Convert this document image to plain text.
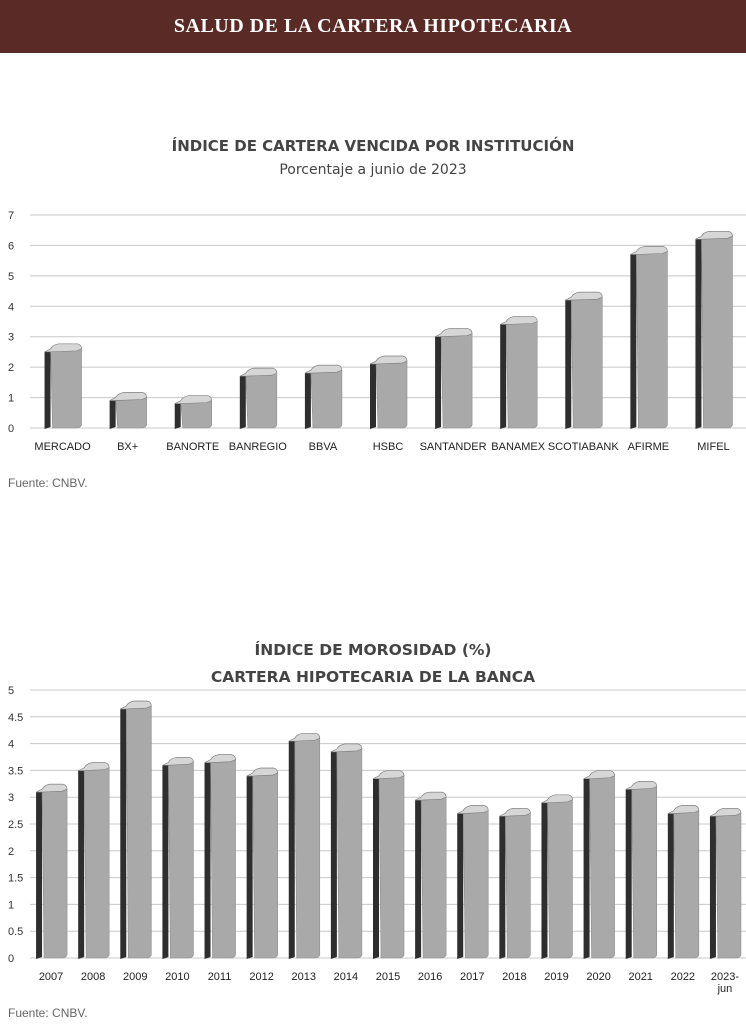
SALUD DE LA CARTERA HIPOTECARIA
ÍNDICE DE CARTERA VENCIDA POR INSTITUCIÓN
Porcentaje a junio de 2023
0
1
2
3
4
5
6
7
MERCADO BX+	BANORTE BANREGIO BBVA	HSBC SANTANDER BANAMEX SCOTIABANK AFIRME	MIFEL
Fuente: CNBV.
ÍNDICE DE MOROSIDAD (%)
CARTERA HIPOTECARIA DE LA BANCA
0
0.5
1
1.5
2
2.5
3
3.5
4
4.5
5
2007 2008 2009 2010 2011 2012 2013 2014 2015 2016 2017 2018 2019 2020 2021 2022 2023-jun
Fuente: CNBV.
